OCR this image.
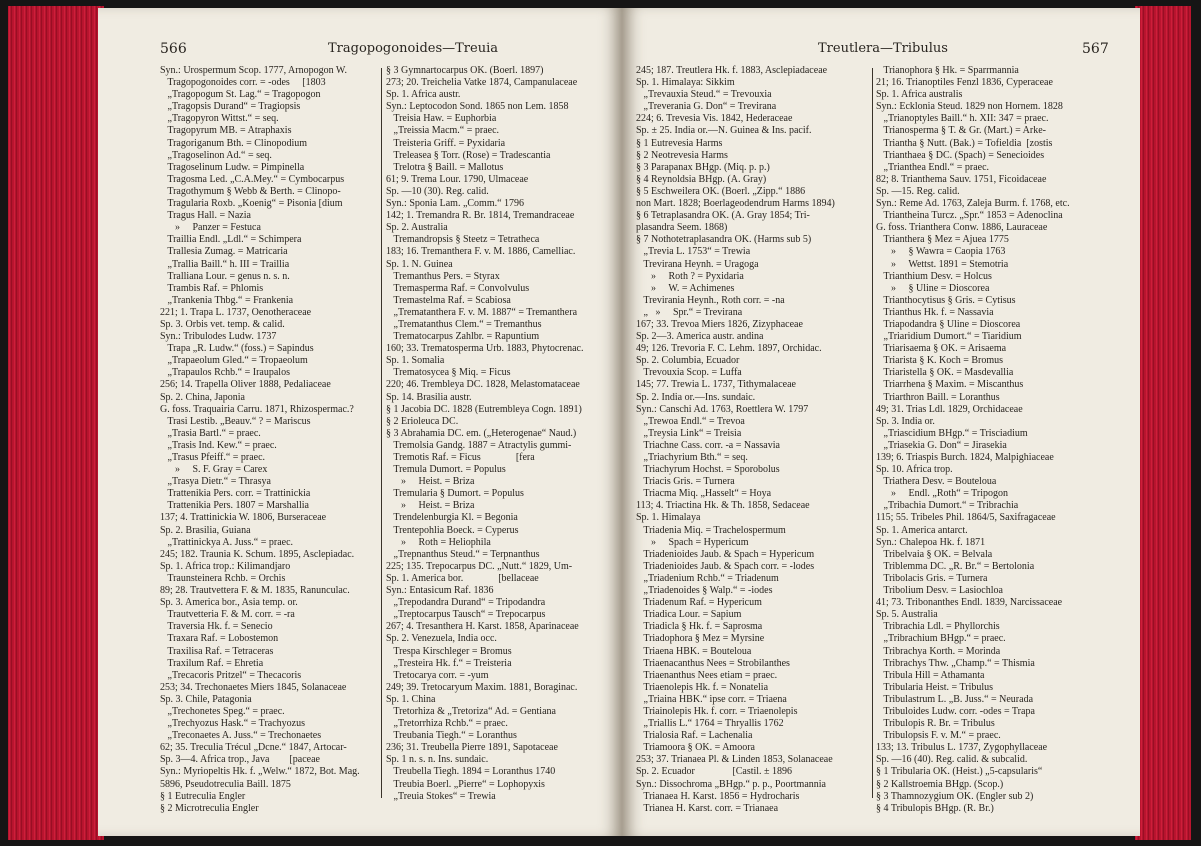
566	Tragopogonoides—Treuia
Syn.: Urospermum Scop. 1777, Arnopogon W.
Tragopogonoides corr. = -odes     [1803
„Tragopogum St. Lag.“ = Tragopogon
„Tragopsis Durand“ = Tragiopsis
„Tragopyron Wittst.“ = seq.
Tragopyrum MB. = Atraphaxis
Tragoriganum Bth. = Clinopodium
„Tragoselinon Ad.“ = seq.
Tragoselinum Ludw. = Pimpinella
Tragosma Led. „C.A.Mey.“ = Cymbocarpus
Tragothymum § Webb & Berth. = Clinopo-
Tragularia Roxb. „Koenig“ = Pisonia [dium
Tragus Hall. = Nazia
»     Panzer = Festuca
Traillia Endl. „Ldl.“ = Schimpera
Trallesia Zumag. = Matricaria
„Trallia Baill.“ h. III = Traillia
Tralliana Lour. = genus n. s. n.
Trambis Raf. = Phlomis
„Trankenia Thbg.“ = Frankenia
221; 1. Trapa L. 1737, Oenotheraceae
Sp. 3. Orbis vet. temp. & calid.
Syn.: Tribulodes Ludw. 1737
Trapa „R. Ludw.“ (foss.) = Sapindus
„Trapaeolum Gled.“ = Tropaeolum
„Trapaulos Rchb.“ = Iraupalos
256; 14. Trapella Oliver 1888, Pedaliaceae
Sp. 2. China, Japonia
G. foss. Traquairia Carru. 1871, Rhizospermac.?
Trasi Lestib. „Beauv.“ ? = Mariscus
„Trasia Bartl.“ = praec.
„Trasis Ind. Kew.“ = praec.
„Trasus Pfeiff.“ = praec.
»     S. F. Gray = Carex
„Trasya Dietr.“ = Thrasya
Trattenikia Pers. corr. = Trattinickia
Trattenikia Pers. 1807 = Marshallia
137; 4. Trattinickia W. 1806, Burseraceae
Sp. 2. Brasilia, Guiana
„Trattinickya A. Juss.“ = praec.
245; 182. Traunia K. Schum. 1895, Asclepiadac.
Sp. 1. Africa trop.: Kilimandjaro
Traunsteinera Rchb. = Orchis
89; 28. Trautvettera F. & M. 1835, Ranunculac.
Sp. 3. America bor., Asia temp. or.
Trautvetteria F. & M. corr. = -ra
Traversia Hk. f. = Senecio
Traxara Raf. = Lobostemon
Traxilisa Raf. = Tetraceras
Traxilum Raf. = Ehretia
„Trecacoris Pritzel“ = Thecacoris
253; 34. Trechonaetes Miers 1845, Solanaceae
Sp. 3. Chile, Patagonia
„Trechonetes Speg.“ = praec.
„Trechyozus Hask.“ = Trachyozus
„Treconaetes A. Juss.“ = Trechonaetes
62; 35. Treculia Trécul „Dcne.“ 1847, Artocar-
Sp. 3—4. Africa trop., Java        [paceae
Syn.: Myriopeltis Hk. f. „Welw.“ 1872, Bot. Mag.
5896, Pseudotreculia Baill. 1875
§ 1 Eutreculia Engler
§ 2 Microtreculia Engler
§ 3 Gymnartocarpus OK. (Boerl. 1897)
273; 20. Treichelia Vatke 1874, Campanulaceae
Sp. 1. Africa austr.
Syn.: Leptocodon Sond. 1865 non Lem. 1858
Treisia Haw. = Euphorbia
„Treissia Macm.“ = praec.
Treisteria Griff. = Pyxidaria
Treleasea § Torr. (Rose) = Tradescantia
Trelotra § Baill. = Mallotus
61; 9. Trema Lour. 1790, Ulmaceae
Sp. —10 (30). Reg. calid.
Syn.: Sponia Lam. „Comm.“ 1796
142; 1. Tremandra R. Br. 1814, Tremandraceae
Sp. 2. Australia
Tremandropsis § Steetz = Tetratheca
183; 16. Tremanthera F. v. M. 1886, Camelliac.
Sp. 1. N. Guinea
Tremanthus Pers. = Styrax
Tremasperma Raf. = Convolvulus
Tremastelma Raf. = Scabiosa
„Trematanthera F. v. M. 1887“ = Tremanthera
„Trematanthus Clem.“ = Tremanthus
Trematocarpus Zahlbr. = Rapuntium
160; 33. Trematosperma Urb. 1883, Phytocrenac.
Sp. 1. Somalia
Trematosycea § Miq. = Ficus
220; 46. Trembleya DC. 1828, Melastomataceae
Sp. 14. Brasilia austr.
§ 1 Jacobia DC. 1828 (Eutrembleya Cogn. 1891)
§ 2 Erioleuca DC.
§ 3 Abrahamia DC. em. („Heterogenae“ Naud.)
Tremolsia Gandg. 1887 = Atractylis gummi-
Tremotis Raf. = Ficus              [fera
Tremula Dumort. = Populus
»     Heist. = Briza
Tremularia § Dumort. = Populus
»     Heist. = Briza
Trendelenburgia Kl. = Begonia
Trentepohlia Boeck. = Cyperus
»     Roth = Heliophila
„Trepnanthus Steud.“ = Terpnanthus
225; 135. Trepocarpus DC. „Nutt.“ 1829, Um-
Sp. 1. America bor.              [bellaceae
Syn.: Entasicum Raf. 1836
„Trepodandra Durand“ = Tripodandra
„Treptocarpus Tausch“ = Trepocarpus
267; 4. Tresanthera H. Karst. 1858, Aparinaceae
Sp. 2. Venezuela, India occ.
Trespa Kirschleger = Bromus
„Tresteira Hk. f.“ = Treisteria
Tretocarya corr. = -yum
249; 39. Tretocaryum Maxim. 1881, Boraginac.
Sp. 1. China
Tretorhiza & „Tretoriza“ Ad. = Gentiana
„Tretorrhiza Rchb.“ = praec.
Treubania Tiegh.“ = Loranthus
236; 31. Treubella Pierre 1891, Sapotaceae
Sp. 1 n. s. n. Ins. sundaic.
Treubella Tiegh. 1894 = Loranthus 1740
Treubia Boerl. „Pierre“ = Lophopyxis
„Treuia Stokes“ = Trewia
Treutlera—Tribulus	567
245; 187. Treutlera Hk. f. 1883, Asclepiadaceae
Sp. 1. Himalaya: Sikkim
„Trevauxia Steud.“ = Trevouxia
„Treverania G. Don“ = Trevirana
224; 6. Trevesia Vis. 1842, Hederaceae
Sp. ± 25. India or.—N. Guinea & Ins. pacif.
§ 1 Eutrevesia Harms
§ 2 Neotrevesia Harms
§ 3 Parapanax BHgp. (Miq. p. p.)
§ 4 Reynoldsia BHgp. (A. Gray)
§ 5 Eschweilera OK. (Boerl. „Zipp.“ 1886
non Mart. 1828; Boerlageodendrum Harms 1894)
§ 6 Tetraplasandra OK. (A. Gray 1854; Tri-
plasandra Seem. 1868)
§ 7 Nothotetraplasandra OK. (Harms sub 5)
„Trevia L. 1753“ = Trewia
Trevirana Heynh. = Uragoga
»     Roth ? = Pyxidaria
»     W. = Achimenes
Trevirania Heynh., Roth corr. = -na
„   »     Spr.“ = Trevirana
167; 33. Trevoa Miers 1826, Zizyphaceae
Sp. 2—3. America austr. andina
49; 126. Trevoria F. C. Lehm. 1897, Orchidac.
Sp. 2. Columbia, Ecuador
Trevouxia Scop. = Luffa
145; 77. Trewia L. 1737, Tithymalaceae
Sp. 2. India or.—Ins. sundaic.
Syn.: Canschi Ad. 1763, Roettlera W. 1797
„Trewoa Endl.“ = Trevoa
„Treysia Link“ = Treisia
Triachne Cass. corr. -a = Nassavia
„Triachyrium Bth.“ = seq.
Triachyrum Hochst. = Sporobolus
Triacis Gris. = Turnera
Triacma Miq. „Hasselt“ = Hoya
113; 4. Triactina Hk. & Th. 1858, Sedaceae
Sp. 1. Himalaya
Triadenia Miq. = Trachelospermum
»     Spach = Hypericum
Triadenioides Jaub. & Spach = Hypericum
Triadenioides Jaub. & Spach corr. = -lodes
„Triadenium Rchb.“ = Triadenum
„Triadenoides § Walp.“ = -iodes
Triadenum Raf. = Hypericum
Triadica Lour. = Sapium
Triadicla § Hk. f. = Saprosma
Triadophora § Mez = Myrsine
Triaena HBK. = Bouteloua
Triaenacanthus Nees = Strobilanthes
Triaenanthus Nees etiam = praec.
Triaenolepis Hk. f. = Nonatelia
„Triaina HBK.“ ipse corr. = Triaena
Triainolepis Hk. f. corr. = Triaenolepis
„Triallis L.“ 1764 = Thryallis 1762
Trialosia Raf. = Lachenalia
Triamoora § OK. = Amoora
253; 37. Trianaea Pl. & Linden 1853, Solanaceae
Sp. 2. Ecuador               [Castil. ± 1896
Syn.: Dissochroma „BHgp.“ p. p., Poortmannia
Trianaea H. Karst. 1856 = Hydrocharis
Trianea H. Karst. corr. = Trianaea
Trianophora § Hk. = Sparrmannia
21; 16. Trianoptiles Fenzl 1836, Cyperaceae
Sp. 1. Africa australis
Syn.: Ecklonia Steud. 1829 non Hornem. 1828
„Trianoptyles Baill.“ h. XII: 347 = praec.
Trianosperma § T. & Gr. (Mart.) = Arke-
Triantha § Nutt. (Bak.) = Tofieldia  [zostis
Trianthaea § DC. (Spach) = Senecioides
„Trianthea Endl.“ = praec.
82; 8. Trianthema Sauv. 1751, Ficoidaceae
Sp. —15. Reg. calid.
Syn.: Reme Ad. 1763, Zaleja Burm. f. 1768, etc.
Triantheina Turcz. „Spr.“ 1853 = Adenoclina
G. foss. Trianthera Conw. 1886, Lauraceae
Trianthera § Mez = Ajuea 1775
»     § Wawra = Caopia 1763
»     Wettst. 1891 = Stemotria
Trianthium Desv. = Holcus
»     § Uline = Dioscorea
Trianthocytisus § Gris. = Cytisus
Trianthus Hk. f. = Nassavia
Triapodandra § Uline = Dioscorea
„Triaridium Dumort.“ = Tiaridium
Triarisaema § OK. = Arisaema
Triarista § K. Koch = Bromus
Triaristella § OK. = Masdevallia
Triarrhena § Maxim. = Miscanthus
Triarthron Baill. = Loranthus
49; 31. Trias Ldl. 1829, Orchidaceae
Sp. 3. India or.
„Triascidium BHgp.“ = Trisciadium
„Triasekia G. Don“ = Jirasekia
139; 6. Triaspis Burch. 1824, Malpighiaceae
Sp. 10. Africa trop.
Triathera Desv. = Bouteloua
»     Endl. „Roth“ = Tripogon
„Tribachia Dumort.“ = Tribrachia
115; 55. Tribeles Phil. 1864/5, Saxifragaceae
Sp. 1. America antarct.
Syn.: Chalepoa Hk. f. 1871
Tribelvaia § OK. = Belvala
Triblemma DC. „R. Br.“ = Bertolonia
Tribolacis Gris. = Turnera
Tribolium Desv. = Lasiochloa
41; 73. Tribonanthes Endl. 1839, Narcissaceae
Sp. 5. Australia
Tribrachia Ldl. = Phyllorchis
„Tribrachium BHgp.“ = praec.
Tribrachya Korth. = Morinda
Tribrachys Thw. „Champ.“ = Thismia
Tribula Hill = Athamanta
Tribularia Heist. = Tribulus
Tribulastrum L. „B. Juss.“ = Neurada
Tribuloides Ludw. corr. -odes = Trapa
Tribulopis R. Br. = Tribulus
Tribulopsis F. v. M.“ = praec.
133; 13. Tribulus L. 1737, Zygophyllaceae
Sp. —16 (40). Reg. calid. & subcalid.
§ 1 Tribularia OK. (Heist.) „5-capsularis“
§ 2 Kallstroemia BHgp. (Scop.)
§ 3 Thamnozygium OK. (Engler sub 2)
§ 4 Tribulopis BHgp. (R. Br.)
